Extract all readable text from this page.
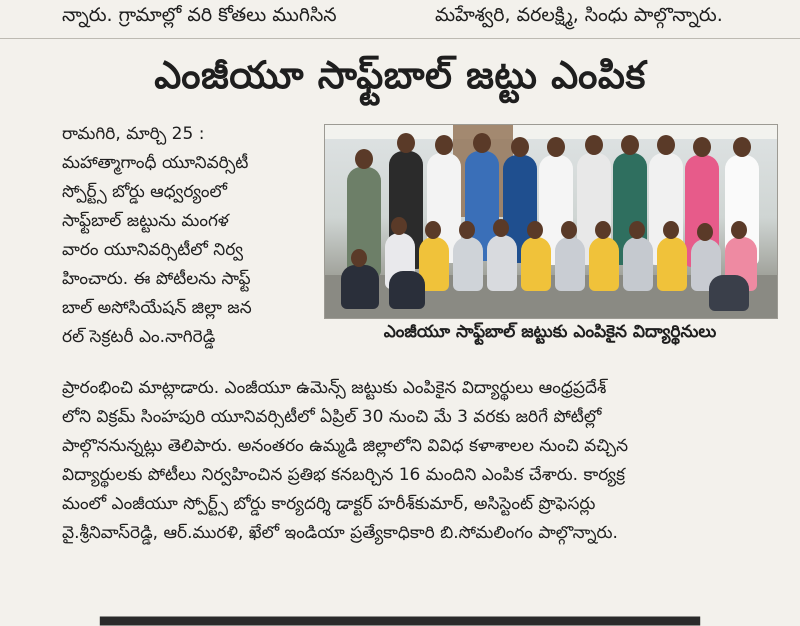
న్నారు. గ్రామాల్లో వరి కోతలు ముగిసిన	మహేశ్వరి, వరలక్ష్మి, సింధు పాల్గొన్నారు.
ఎంజీయూ సాఫ్ట్‌బాల్ జట్టు ఎంపిక
రామగిరి, మార్చి 25 :
మహాత్మాగాంధీ యూనివర్సిటీ
స్పోర్ట్స్ బోర్డు ఆధ్వర్యంలో
సాఫ్ట్‌బాల్ జట్టును మంగళ
వారం యూనివర్సిటీలో నిర్వ
హించారు. ఈ పోటీలను సాఫ్ట్
బాల్ అసోసియేషన్ జిల్లా జన
రల్ సెక్రటరీ ఎం.నాగిరెడ్డి	ఎంజీయూ సాఫ్ట్‌బాల్ జట్టుకు ఎంపికైన విద్యార్థినులు
ప్రారంభించి మాట్లాడారు. ఎంజీయూ ఉమెన్స్ జట్టుకు ఎంపికైన విద్యార్థులు ఆంధ్రప్రదేశ్
లోని విక్రమ్ సింహపురి యూనివర్సిటీలో ఏప్రిల్ 30 నుంచి మే 3 వరకు జరిగే పోటీల్లో
పాల్గొననున్నట్లు తెలిపారు. అనంతరం ఉమ్మడి జిల్లాలోని వివిధ కళాశాలల నుంచి వచ్చిన
విద్యార్థులకు పోటీలు నిర్వహించిన ప్రతిభ కనబర్చిన 16 మందిని ఎంపిక చేశారు. కార్యక్ర
మంలో ఎంజీయూ స్పోర్ట్స్ బోర్డు కార్యదర్శి డాక్టర్ హరీశ్‌కుమార్, అసిస్టెంట్ ప్రొఫెసర్లు
వై.శ్రీనివాస్‌రెడ్డి, ఆర్.మురళి, ఖేలో ఇండియా ప్రత్యేకాధికారి బి.సోమలింగం పాల్గొన్నారు.
▂▂▂▂▂▂▂▂▂▂▂▂▂▂▂▂▂▂▂▂▂▂▂▂▂▂
